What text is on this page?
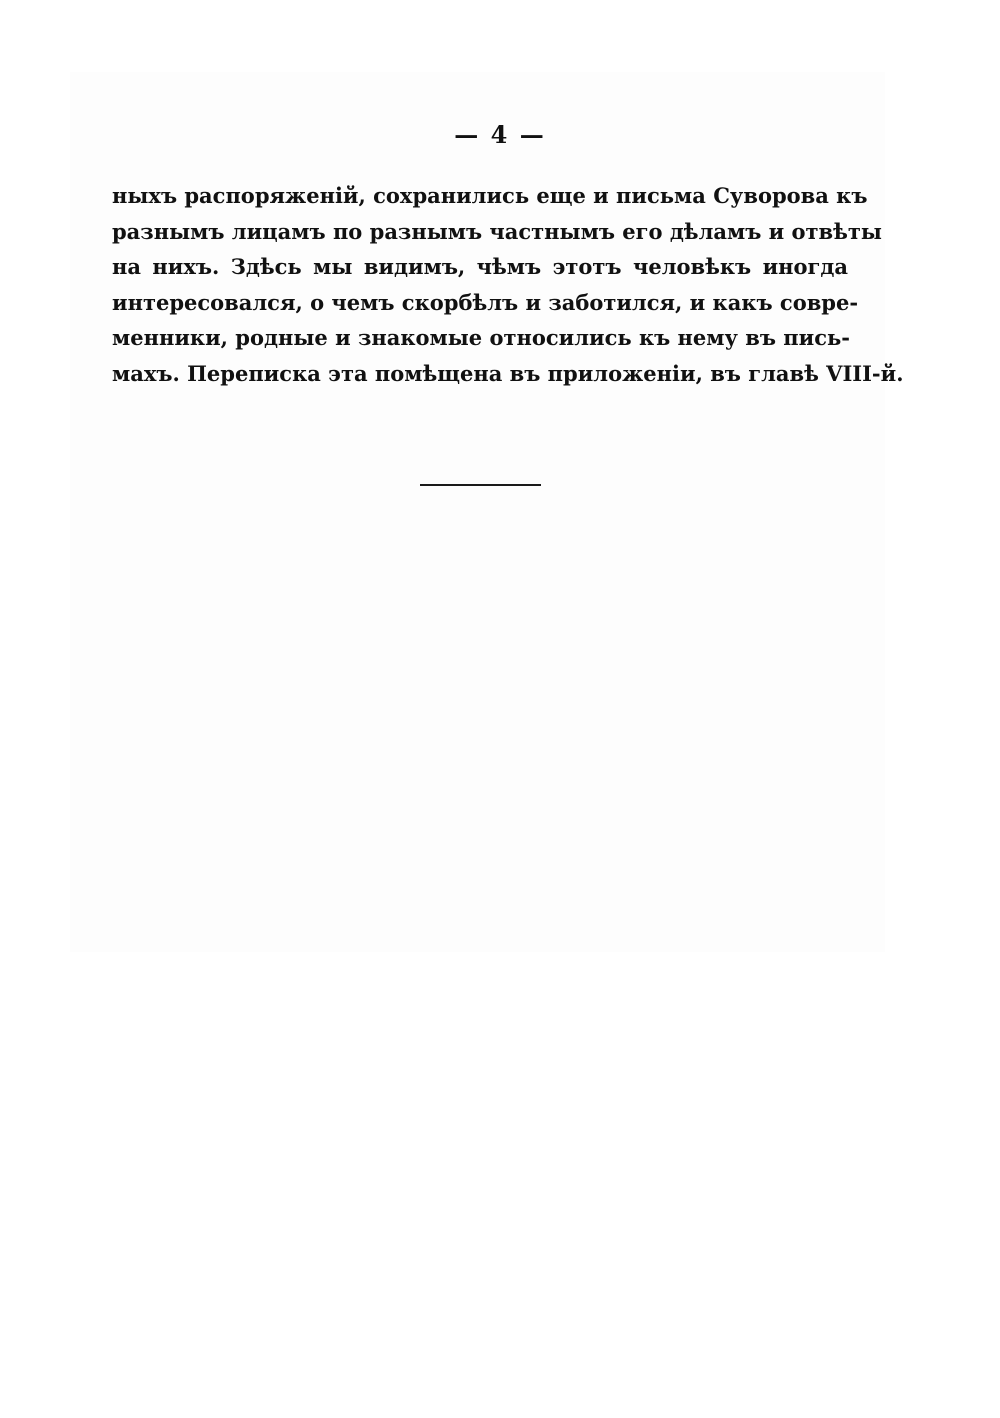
— 4 —
ныхъ распоряженій, сохранились еще и письма Суворова къ
разнымъ лицамъ по разнымъ частнымъ его дѣламъ и отвѣты
на нихъ. Здѣсь мы видимъ, чѣмъ этотъ человѣкъ иногда
интересовался, о чемъ скорбѣлъ и заботился, и какъ совре-
менники, родные и знакомые относились къ нему въ пись-
махъ. Переписка эта помѣщена въ приложеніи, въ главѣ VIII-й.
